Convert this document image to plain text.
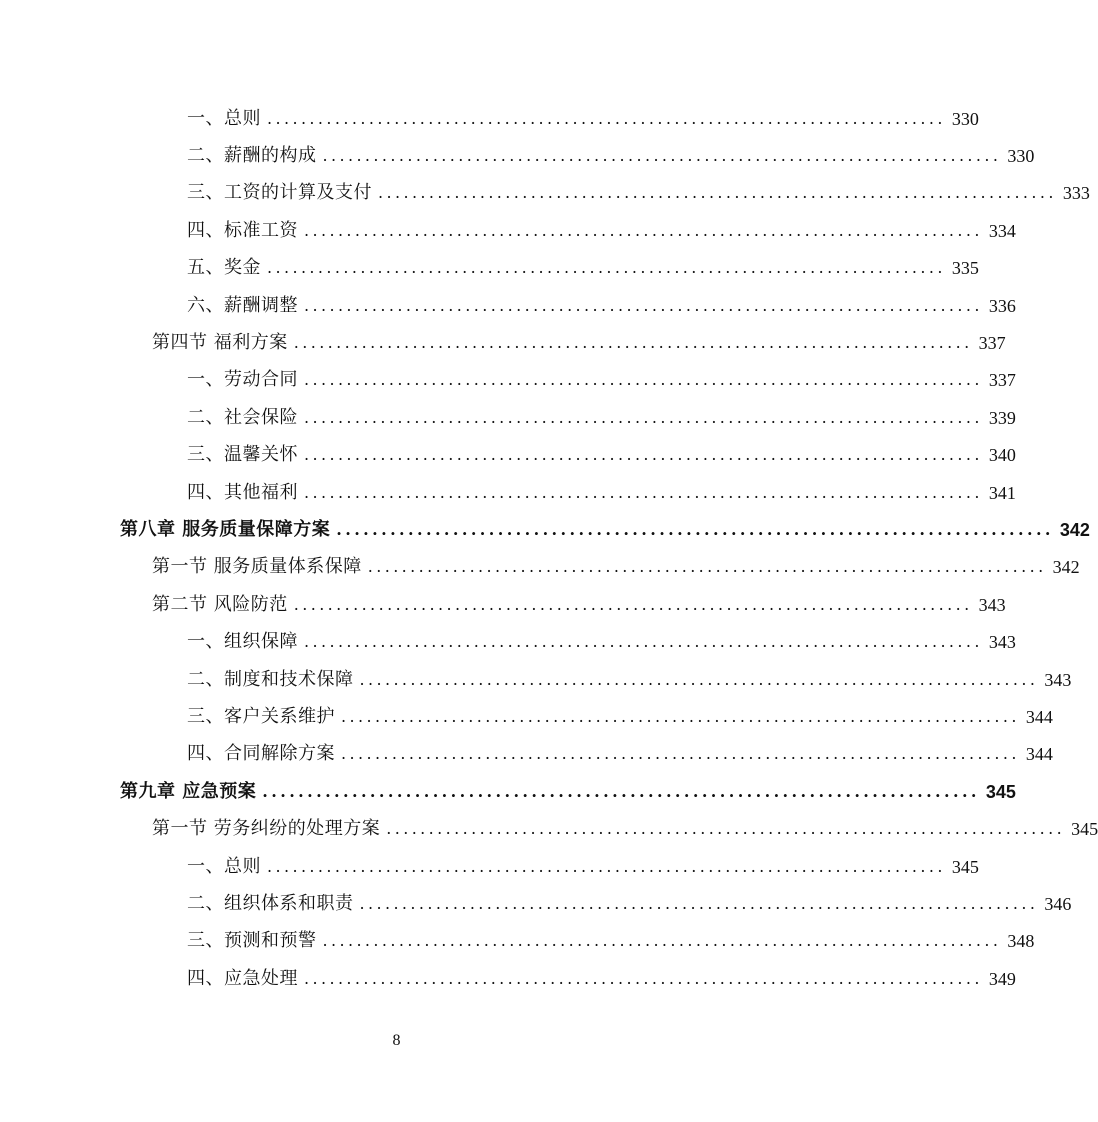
一、总则 ................................................................................ 330
二、薪酬的构成 ................................................................................ 330
三、工资的计算及支付 ................................................................................ 333
四、标准工资 ................................................................................ 334
五、奖金 ................................................................................ 335
六、薪酬调整 ................................................................................ 336
第四节 福利方案 ................................................................................ 337
一、劳动合同 ................................................................................ 337
二、社会保险 ................................................................................ 339
三、温馨关怀 ................................................................................ 340
四、其他福利 ................................................................................ 341
第八章 服务质量保障方案 ................................................................................ 342
第一节 服务质量体系保障 ................................................................................ 342
第二节 风险防范 ................................................................................ 343
一、组织保障 ................................................................................ 343
二、制度和技术保障 ................................................................................ 343
三、客户关系维护 ................................................................................ 344
四、合同解除方案 ................................................................................ 344
第九章 应急预案 ................................................................................ 345
第一节 劳务纠纷的处理方案 ................................................................................ 345
一、总则 ................................................................................ 345
二、组织体系和职责 ................................................................................ 346
三、预测和预警 ................................................................................ 348
四、应急处理 ................................................................................ 349
8
